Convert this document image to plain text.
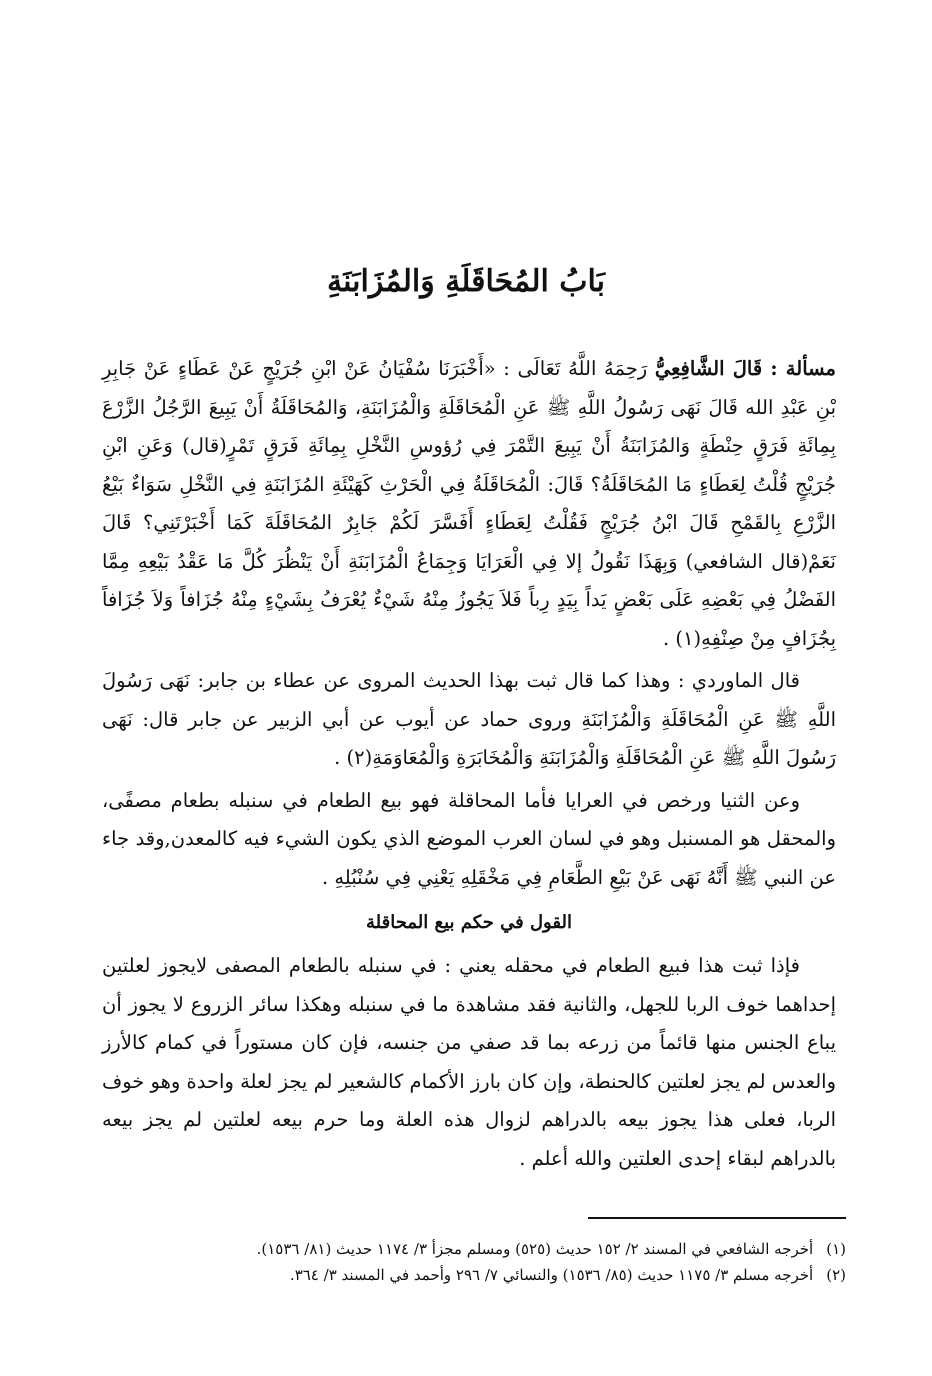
بَابُ المُحَاقَلَةِ وَالمُزَابَنَةِ

مسألة : قَالَ الشَّافِعِيُّ رَحِمَهُ اللَّهُ تَعَالَى : «أَخْبَرَنَا سُفْيَانُ عَنْ ابْنِ جُرَيْجٍ عَنْ عَطَاءٍ عَنْ جَابِرِ بْنِ عَبْدِ الله قَالَ نَهَى رَسُولُ اللَّهِ ﷺ عَنِ الْمُحَاقَلَةِ وَالْمُزَابَنَةِ، وَالمُحَاقَلَةُ أَنْ يَبِيعَ الرَّجُلُ الزَّرْعَ بِمِائَةِ فَرَقٍ حِنْطَةٍ وَالمُزَابَنَةُ أَنْ يَبِيعَ التَّمْرَ فِي رُؤوسِ النَّخْلِ بِمِائَةِ فَرَقٍ تَمْرٍ(قال) وَعَنِ ابْنِ جُرَيْجٍ قُلْتُ لِعَطَاءٍ مَا المُحَاقَلَةُ؟ قَالَ: الْمُحَاقَلَةُ فِي الْحَرْثِ كَهَيْئَةِ المُزَابَنَةِ فِي النَّخْلِ سَوَاءٌ بَيْعُ الزَّرْعِ بِالقَمْحِ قَالَ ابْنُ جُرَيْجٍ فَقُلْتُ لِعَطَاءٍ أَفَسَّرَ لَكُمْ جَابِرٌ المُحَاقَلَةَ كَمَا أَخْبَرْتَنِي؟ قَالَ نَعَمْ(قال الشافعي) وَبِهَذَا نَقُولُ إلا فِي الْعَرَايَا وَجِمَاعُ الْمُزَابَنَةِ أَنْ يَنْظُرَ كُلَّ مَا عَقْدُ بَيْعِهِ مِمَّا الفَضْلُ فِي بَعْضِهِ عَلَى بَعْضٍ يَداً بِيَدٍ رِباً فَلاَ يَجُوزُ مِنْهُ شَيْءٌ يُعْرَفُ بِشَيْءٍ مِنْهُ جُزَافاً وَلاَ جُزَافاً بِجُزَافٍ مِنْ صِنْفِهِ(١) .

قال الماوردي : وهذا كما قال ثبت بهذا الحديث المروى عن عطاء بن جابر: نَهَى رَسُولَ اللَّهِ ﷺ عَنِ الْمُحَاقَلَةِ وَالْمُزَابَنَةِ وروى حماد عن أيوب عن أبي الزبير عن جابر قال: نَهَى رَسُولَ اللَّهِ ﷺ عَنِ الْمُحَاقَلَةِ وَالْمُزَابَنَةِ وَالْمُخَابَرَةِ وَالْمُعَاوَمَةِ(٢) .

وعن الثنيا ورخص في العرايا فأما المحاقلة فهو بيع الطعام في سنبله بطعام مصفًى، والمحقل هو المسنبل وهو في لسان العرب الموضع الذي يكون الشيء فيه كالمعدن,وقد جاء عن النبي ﷺ أَنَّهُ نَهَى عَنْ بَيْعِ الطَّعَامِ فِي مَخْقَلِهِ يَعْنِي فِي سُنْبُلِهِ .

القول في حكم بيع المحاقلة

فإذا ثبت هذا فبيع الطعام في محقله يعني : في سنبله بالطعام المصفى لايجوز لعلتين إحداهما خوف الربا للجهل، والثانية فقد مشاهدة ما في سنبله وهكذا سائر الزروع لا يجوز أن يباع الجنس منها قائماً من زرعه بما قد صفي من جنسه، فإن كان مستوراً في كمام كالأرز والعدس لم يجز لعلتين كالحنطة، وإن كان بارز الأكمام كالشعير لم يجز لعلة واحدة وهو خوف الربا، فعلى هذا يجوز بيعه بالدراهم لزوال هذه العلة وما حرم بيعه لعلتين لم يجز بيعه بالدراهم لبقاء إحدى العلتين والله أعلم .

(١) أخرجه الشافعي في المسند ٢/ ١٥٢ حديث (٥٢٥) ومسلم مجزأ ٣/ ١١٧٤ حديث (٨١/ ١٥٣٦).

(٢) أخرجه مسلم ٣/ ١١٧٥ حديث (٨٥/ ١٥٣٦) والنسائي ٧/ ٢٩٦ وأحمد في المسند ٣/ ٣٦٤.
